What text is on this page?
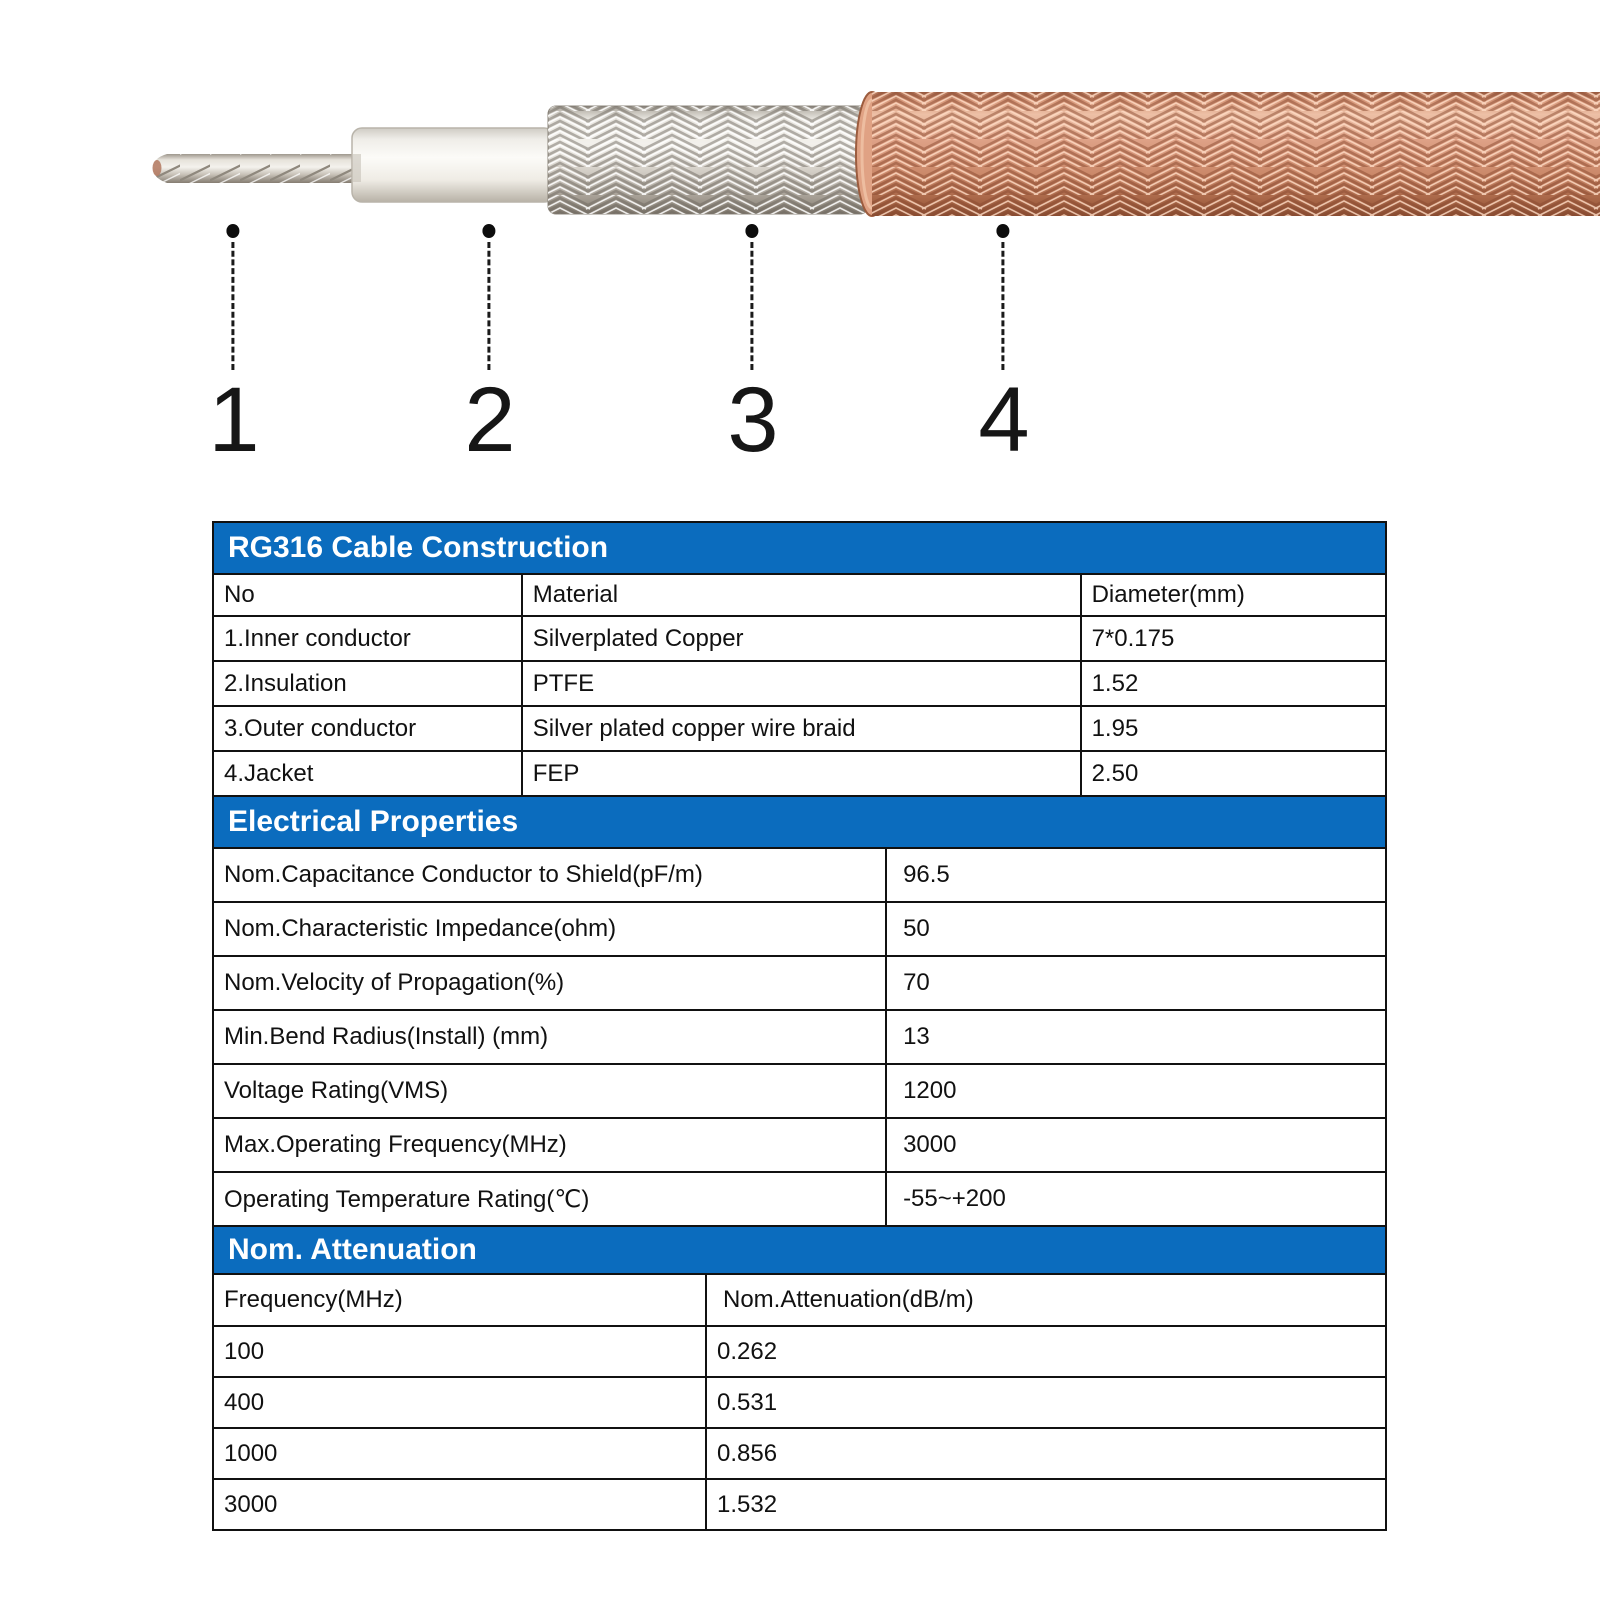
1 2 3 4
RG316 Cable Construction
No	Material	Diameter(mm)
1.Inner conductor	Silverplated Copper	7*0.175
2.Insulation	PTFE	1.52
3.Outer conductor	Silver plated copper wire braid	1.95
4.Jacket	FEP	2.50
Electrical Properties
Nom.Capacitance Conductor to Shield(pF/m)	96.5
Nom.Characteristic Impedance(ohm)	50
Nom.Velocity of Propagation(%)	70
Min.Bend Radius(Install) (mm)	13
Voltage Rating(VMS)	1200
Max.Operating Frequency(MHz)	3000
Operating Temperature Rating(℃)	-55~+200
Nom. Attenuation
Frequency(MHz)	Nom.Attenuation(dB/m)
100	0.262
400	0.531
1000	0.856
3000	1.532
